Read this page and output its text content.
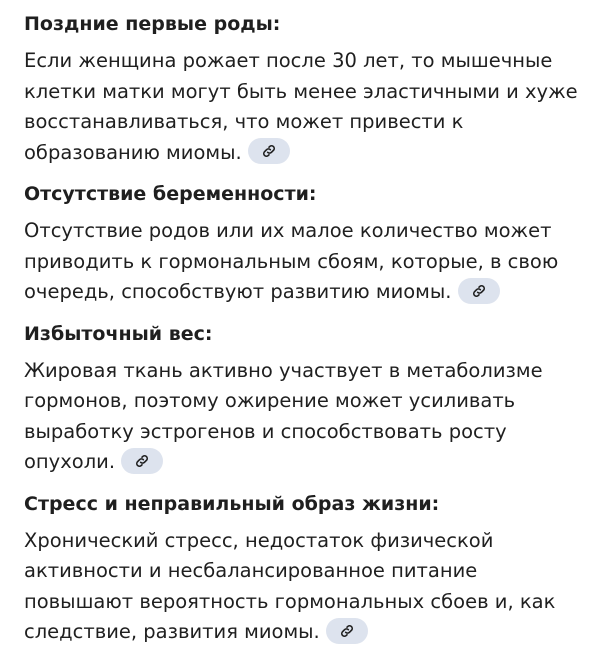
Поздние первые роды:
Если женщина рожает после 30 лет, то мышечные клетки матки могут быть менее эластичными и хуже восстанавливаться, что может привести к образованию миомы.
Отсутствие беременности:
Отсутствие родов или их малое количество может приводить к гормональным сбоям, которые, в свою очередь, способствуют развитию миомы.
Избыточный вес:
Жировая ткань активно участвует в метаболизме гормонов, поэтому ожирение может усиливать выработку эстрогенов и способствовать росту опухоли.
Стресс и неправильный образ жизни:
Хронический стресс, недостаток физической активности и несбалансированное питание повышают вероятность гормональных сбоев и, как следствие, развития миомы.
